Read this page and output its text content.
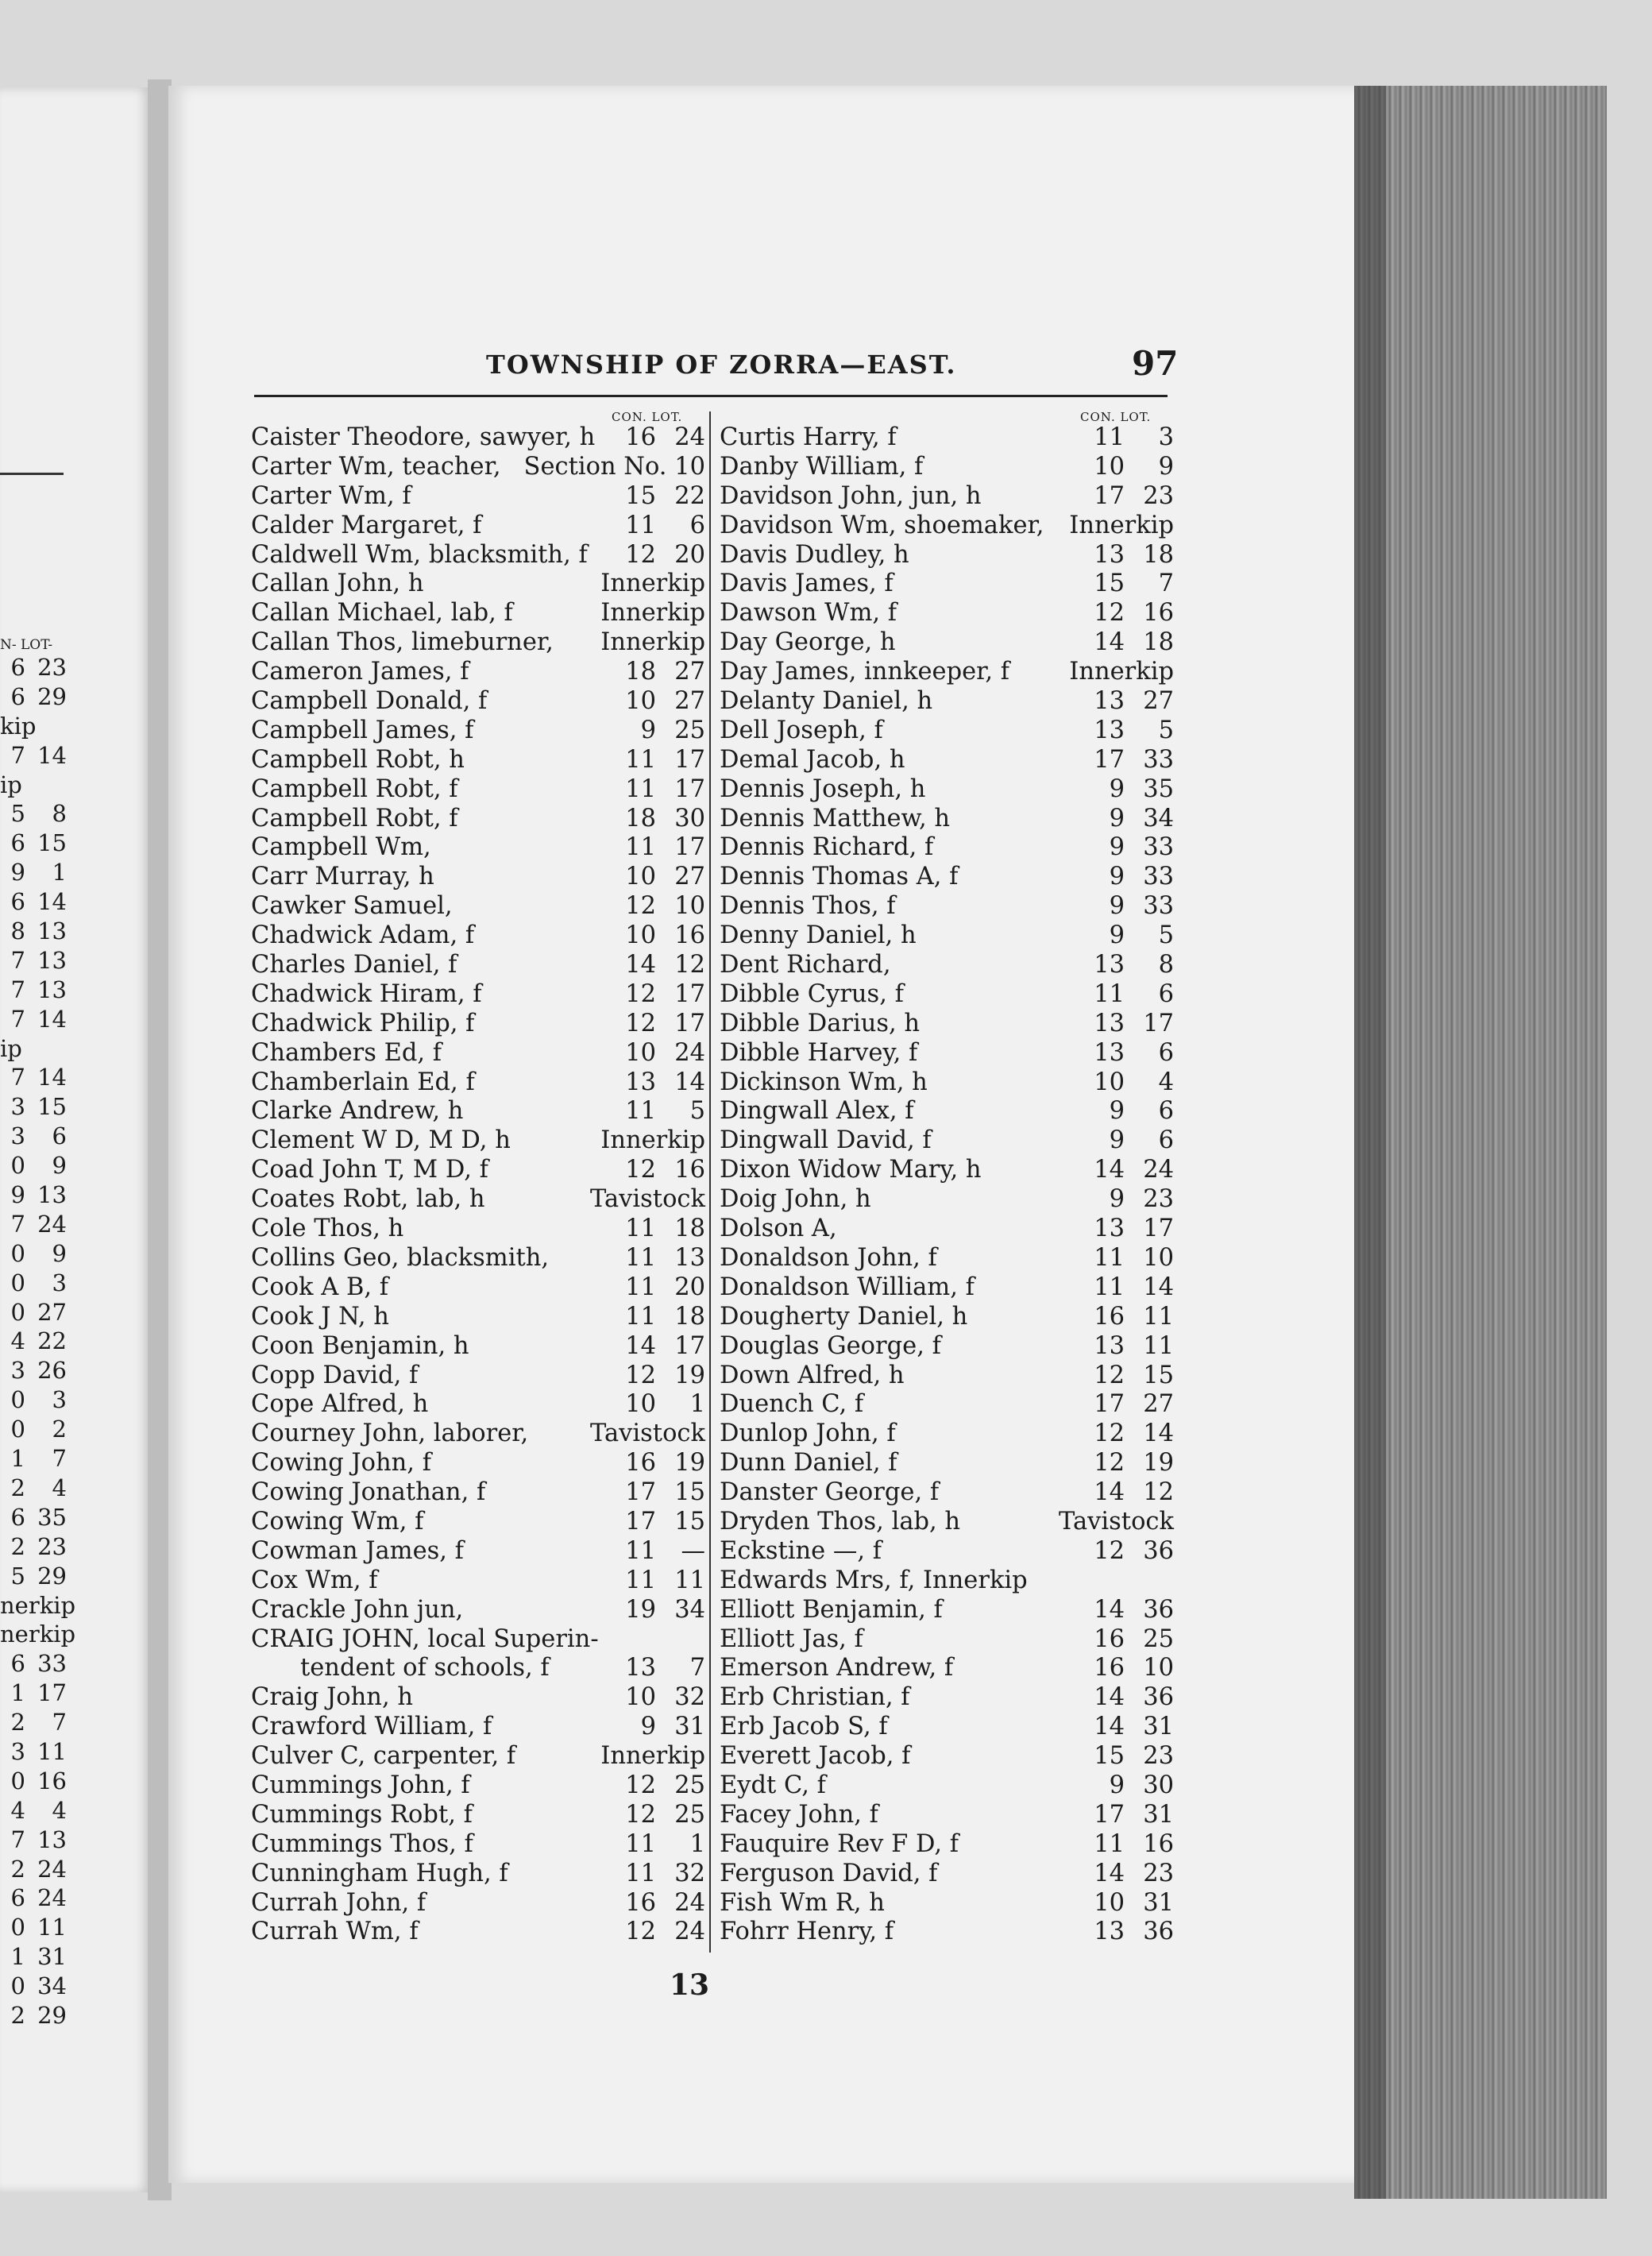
N- LOT-
6 23
6 29
kip
7 14
ip
5 8
6 15
9 1
6 14
8 13
7 13
7 13
7 14
ip
7 14
3 15
3 6
0 9
9 13
7 24
0 9
0 3
0 27
4 22
3 26
0 3
0 2
1 7
2 4
6 35
2 23
5 29
nerkip
nerkip
6 33
1 17
2 7
3 11
0 16
4 4
7 13
2 24
6 24
0 11
1 31
0 34
2 29
TOWNSHIP OF ZORRA—EAST.	97
CON. LOT.	CON. LOT.
Caister Theodore, sawyer, h	16 24
Carter Wm, teacher, Section No. 10
Carter Wm, f	15 22
Calder Margaret, f	11	6
Caldwell Wm, blacksmith, f	12 20
Callan John, h	Innerkip
Callan Michael, lab, f	Innerkip
Callan Thos, limeburner, Innerkip
Cameron James, f	18 27
Campbell Donald, f	10 27
Campbell James, f	9 25
Campbell Robt, h	11 17
Campbell Robt, f	11 17
Campbell Robt, f	18 30
Campbell Wm,	11 17
Carr Murray, h	10 27
Cawker Samuel,	12 10
Chadwick Adam, f	10 16
Charles Daniel, f	14 12
Chadwick Hiram, f	12 17
Chadwick Philip, f	12 17
Chambers Ed, f	10 24
Chamberlain Ed, f	13 14
Clarke Andrew, h	11	5
Clement W D, M D, h	Innerkip
Coad John T, M D, f	12 16
Coates Robt, lab, h	Tavistock
Cole Thos, h	11 18
Collins Geo, blacksmith,	11 13
Cook A B, f	11 20
Cook J N, h	11 18
Coon Benjamin, h	14 17
Copp David, f	12 19
Cope Alfred, h	10	1
Courney John, laborer,	Tavistock
Cowing John, f	16 19
Cowing Jonathan, f	17 15
Cowing Wm, f	17 15
Cowman James, f	11	—
Cox Wm, f	11 11
Crackle John jun,	19 34
CRAIG JOHN, local Superin-
tendent of schools, f	13	7
Craig John, h	10 32
Crawford William, f	9 31
Culver C, carpenter, f	Innerkip
Cummings John, f	12 25
Cummings Robt, f	12 25
Cummings Thos, f	11	1
Cunningham Hugh, f	11 32
Currah John, f	16 24
Currah Wm, f	12 24
Curtis Harry, f	11	3
Danby William, f	10	9
Davidson John, jun, h	17 23
Davidson Wm, shoemaker, Innerkip
Davis Dudley, h	13 18
Davis James, f	15	7
Dawson Wm, f	12 16
Day George, h	14 18
Day James, innkeeper, f Innerkip
Delanty Daniel, h	13 27
Dell Joseph, f	13	5
Demal Jacob, h	17 33
Dennis Joseph, h	9 35
Dennis Matthew, h	9 34
Dennis Richard, f	9 33
Dennis Thomas A, f	9 33
Dennis Thos, f	9 33
Denny Daniel, h	9	5
Dent Richard,	13	8
Dibble Cyrus, f	11	6
Dibble Darius, h	13 17
Dibble Harvey, f	13	6
Dickinson Wm, h	10	4
Dingwall Alex, f	9	6
Dingwall David, f	9	6
Dixon Widow Mary, h	14 24
Doig John, h	9 23
Dolson A,	13 17
Donaldson John, f	11 10
Donaldson William, f	11 14
Dougherty Daniel, h	16 11
Douglas George, f	13 11
Down Alfred, h	12 15
Duench C, f	17 27
Dunlop John, f	12 14
Dunn Daniel, f	12 19
Danster George, f	14 12
Dryden Thos, lab, h	Tavistock
Eckstine —, f	12 36
Edwards Mrs, f, Innerkip
Elliott Benjamin, f	14 36
Elliott Jas, f	16 25
Emerson Andrew, f	16 10
Erb Christian, f	14 36
Erb Jacob S, f	14 31
Everett Jacob, f	15 23
Eydt C, f	9 30
Facey John, f	17 31
Fauquire Rev F D, f	11 16
Ferguson David, f	14 23
Fish Wm R, h	10 31
Fohrr Henry, f	13 36
13
